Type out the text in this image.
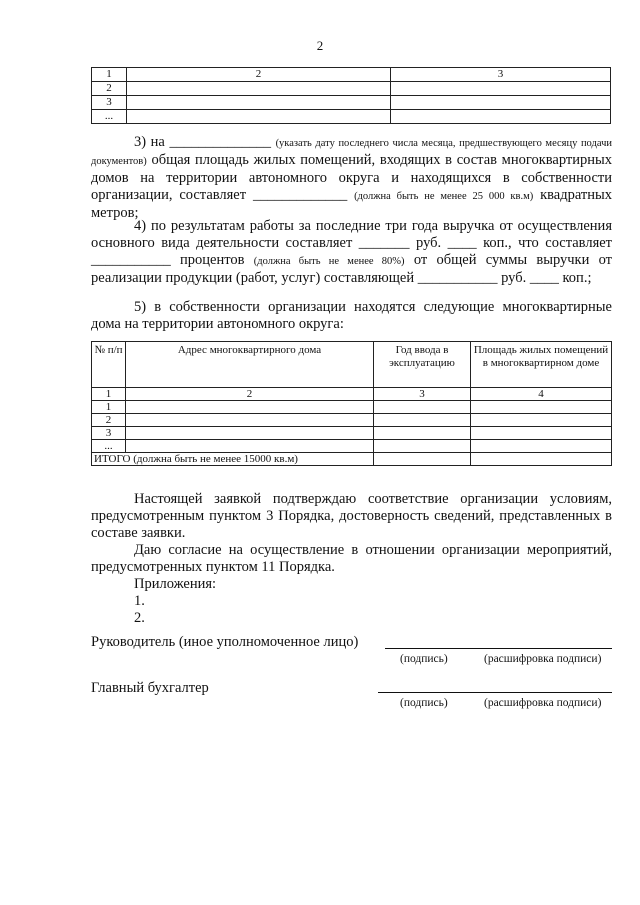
2
1	2	3
2		
3		
...		
3) на ______________ (указать дату последнего числа месяца, предшествующего месяцу подачи документов) общая площадь жилых помещений, входящих в состав многоквартирных домов на территории автономного округа и находящихся в собственности организации, составляет _____________ (должна быть не менее 25 000 кв.м) квадратных метров;
4) по результатам работы за последние три года выручка от осуществления основного вида деятельности составляет _______ руб. ____ коп., что составляет ___________ процентов (должна быть не менее 80%) от общей суммы выручки от реализации продукции (работ, услуг) составляющей ___________ руб. ____ коп.;
5) в собственности организации находятся следующие многоквартирные дома на территории автономного округа:
№ п/п	Адрес многоквартирного дома	Год ввода в эксплуатацию	Площадь жилых помещений в многоквартирном доме
1	2	3	4
1			
2			
3			
...			
ИТОГО (должна быть не менее 15000 кв.м)			
Настоящей заявкой подтверждаю соответствие организации условиям, предусмотренным пунктом 3 Порядка, достоверность сведений, представленных в составе заявки.
Даю согласие на осуществление в отношении организации мероприятий, предусмотренных пунктом 11 Порядка.
Приложения:
1.
2.
Руководитель (иное уполномоченное лицо)
(подпись)	(расшифровка подписи)
Главный бухгалтер
(подпись)	(расшифровка подписи)
